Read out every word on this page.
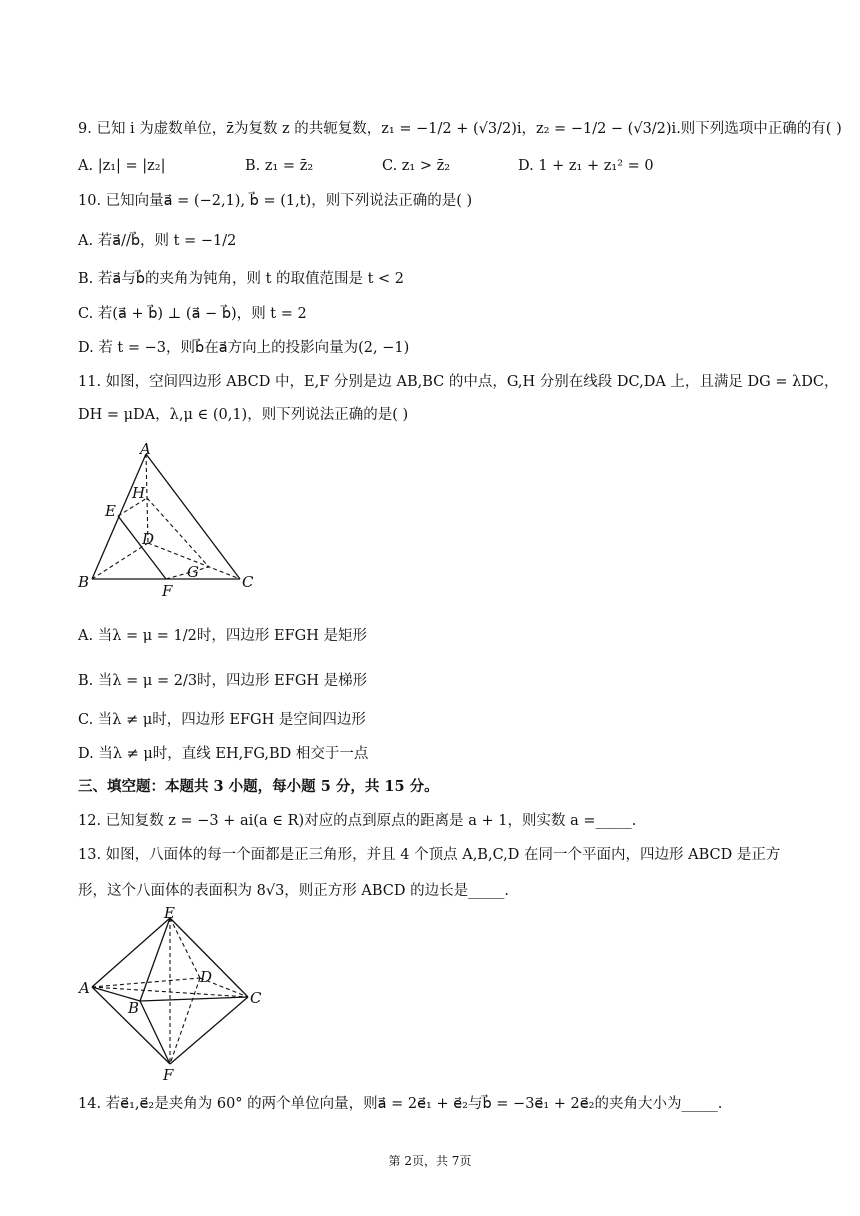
9. 已知 i 为虚数单位，z̄为复数 z 的共轭复数，z₁ = −1/2 + (√3/2)i，z₂ = −1/2 − (√3/2)i.则下列选项中正确的有( )
A. |z₁| = |z₂|	B. z₁ = z̄₂	C. z₁ > z̄₂	D. 1 + z₁ + z₁² = 0
10. 已知向量a⃗ = (−2,1), b⃗ = (1,t)，则下列说法正确的是( )
A. 若a⃗//b⃗，则 t = −1/2
B. 若a⃗与b⃗的夹角为钝角，则 t 的取值范围是 t < 2
C. 若(a⃗ + b⃗) ⊥ (a⃗ − b⃗)，则 t = 2
D. 若 t = −3，则b⃗在a⃗方向上的投影向量为(2, −1)
11. 如图，空间四边形 ABCD 中，E,F 分别是边 AB,BC 的中点，G,H 分别在线段 DC,DA 上，且满足 DG = λDC，
DH = μDA，λ,μ ∈ (0,1)，则下列说法正确的是( )
A
H
E
D
B	F
G
C
A. 当λ = μ = 1/2时，四边形 EFGH 是矩形
B. 当λ = μ = 2/3时，四边形 EFGH 是梯形
C. 当λ ≠ μ时，四边形 EFGH 是空间四边形
D. 当λ ≠ μ时，直线 EH,FG,BD 相交于一点
三、填空题：本题共 3 小题，每小题 5 分，共 15 分。
12. 已知复数 z = −3 + ai(a ∈ R)对应的点到原点的距离是 a + 1，则实数 a =_____.
13. 如图，八面体的每一个面都是正三角形，并且 4 个顶点 A,B,C,D 在同一个平面内，四边形 ABCD 是正方
形，这个八面体的表面积为 8√3，则正方形 ABCD 的边长是_____.
E
A
D
B
C
F
14. 若e⃗₁,e⃗₂是夹角为 60° 的两个单位向量，则a⃗ = 2e⃗₁ + e⃗₂与b⃗ = −3e⃗₁ + 2e⃗₂的夹角大小为_____.
第 2页，共 7页
